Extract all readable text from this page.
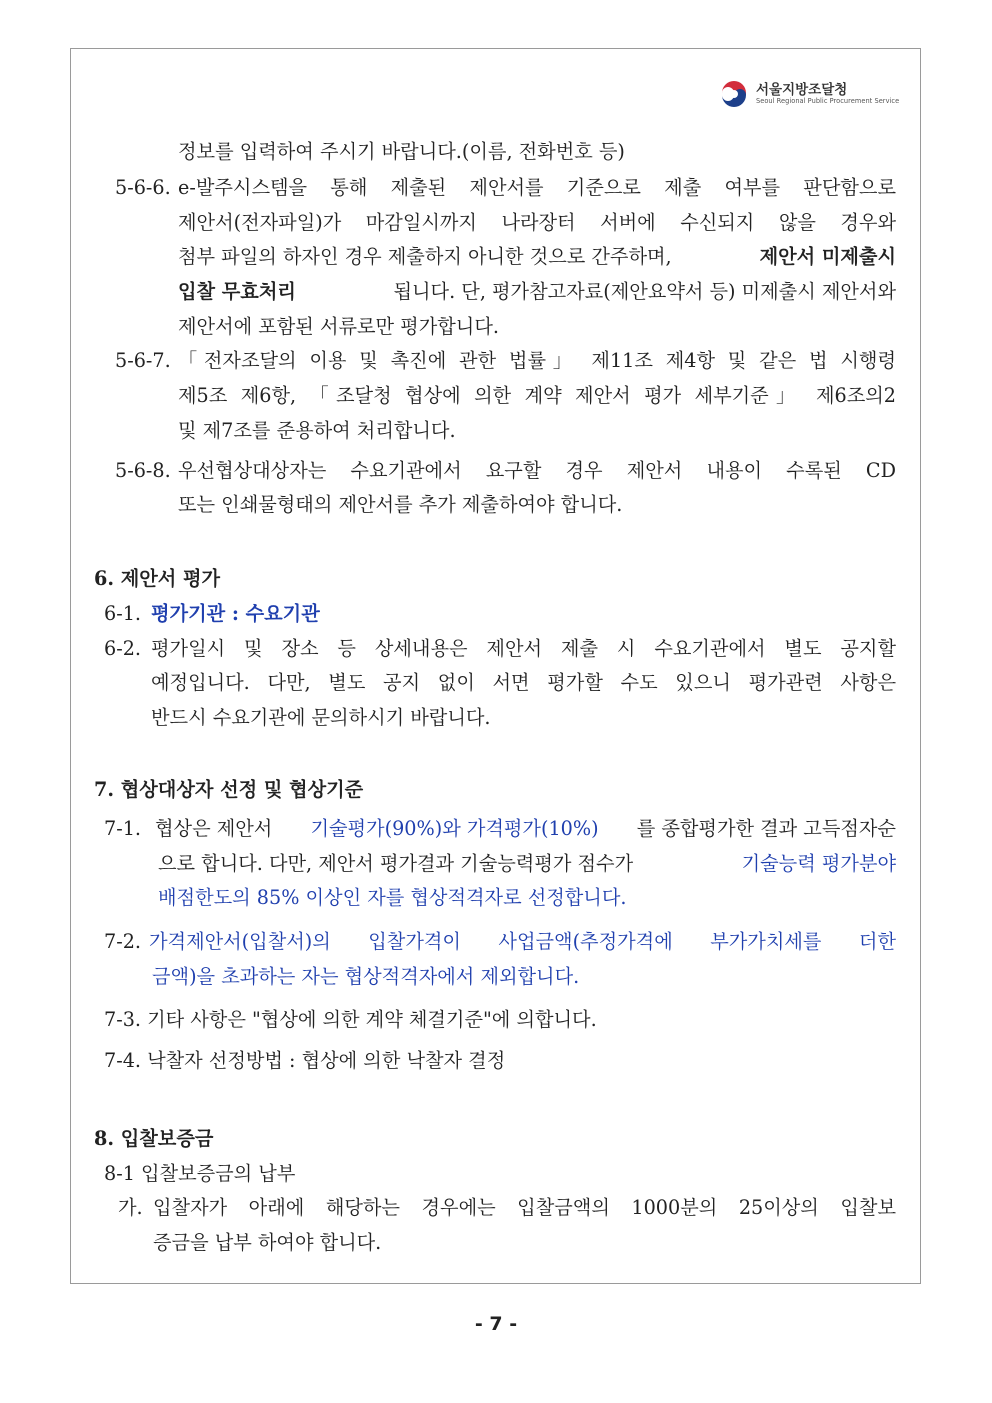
서울지방조달청
Seoul Regional Public Procurement Service
정보를 입력하여 주시기 바랍니다.(이름, 전화번호 등)
5-6-6. e-발주시스템을 통해 제출된 제안서를 기준으로 제출 여부를 판단함으로
제안서(전자파일)가 마감일시까지 나라장터 서버에 수신되지 않을 경우와
첨부 파일의 하자인 경우 제출하지 아니한 것으로 간주하며,	제안서 미제출시
입찰 무효처리	됩니다. 단, 평가참고자료(제안요약서 등) 미제출시 제안서와
제안서에 포함된 서류로만 평가합니다.
5-6-7. 「전자조달의 이용 및 촉진에 관한 법률」 제11조 제4항 및 같은 법 시행령
제5조 제6항, 「조달청 협상에 의한 계약 제안서 평가 세부기준」 제6조의2
및 제7조를 준용하여 처리합니다.
5-6-8. 우선협상대상자는 수요기관에서 요구할 경우 제안서 내용이 수록된 CD
또는 인쇄물형태의 제안서를 추가 제출하여야 합니다.
6. 제안서 평가
6-1. 평가기관 : 수요기관
6-2. 평가일시 및 장소 등 상세내용은 제안서 제출 시 수요기관에서 별도 공지할
예정입니다. 다만, 별도 공지 없이 서면 평가할 수도 있으니 평가관련 사항은
반드시 수요기관에 문의하시기 바랍니다.
7. 협상대상자 선정 및 협상기준
7-1. 협상은 제안서 기술평가(90%)와 가격평가(10%) 를 종합평가한 결과 고득점자순
으로 합니다. 다만, 제안서 평가결과 기술능력평가 점수가	기술능력 평가분야
배점한도의 85% 이상인 자를 협상적격자로 선정합니다.
7-2. 가격제안서(입찰서)의 입찰가격이 사업금액(추정가격에 부가가치세를 더한
금액)을 초과하는 자는 협상적격자에서 제외합니다.
7-3. 기타 사항은 "협상에 의한 계약 체결기준"에 의합니다.
7-4. 낙찰자 선정방법 : 협상에 의한 낙찰자 결정
8. 입찰보증금
8-1 입찰보증금의 납부
가. 입찰자가 아래에 해당하는 경우에는 입찰금액의 1000분의 25이상의 입찰보
증금을 납부 하여야 합니다.
- 7 -
